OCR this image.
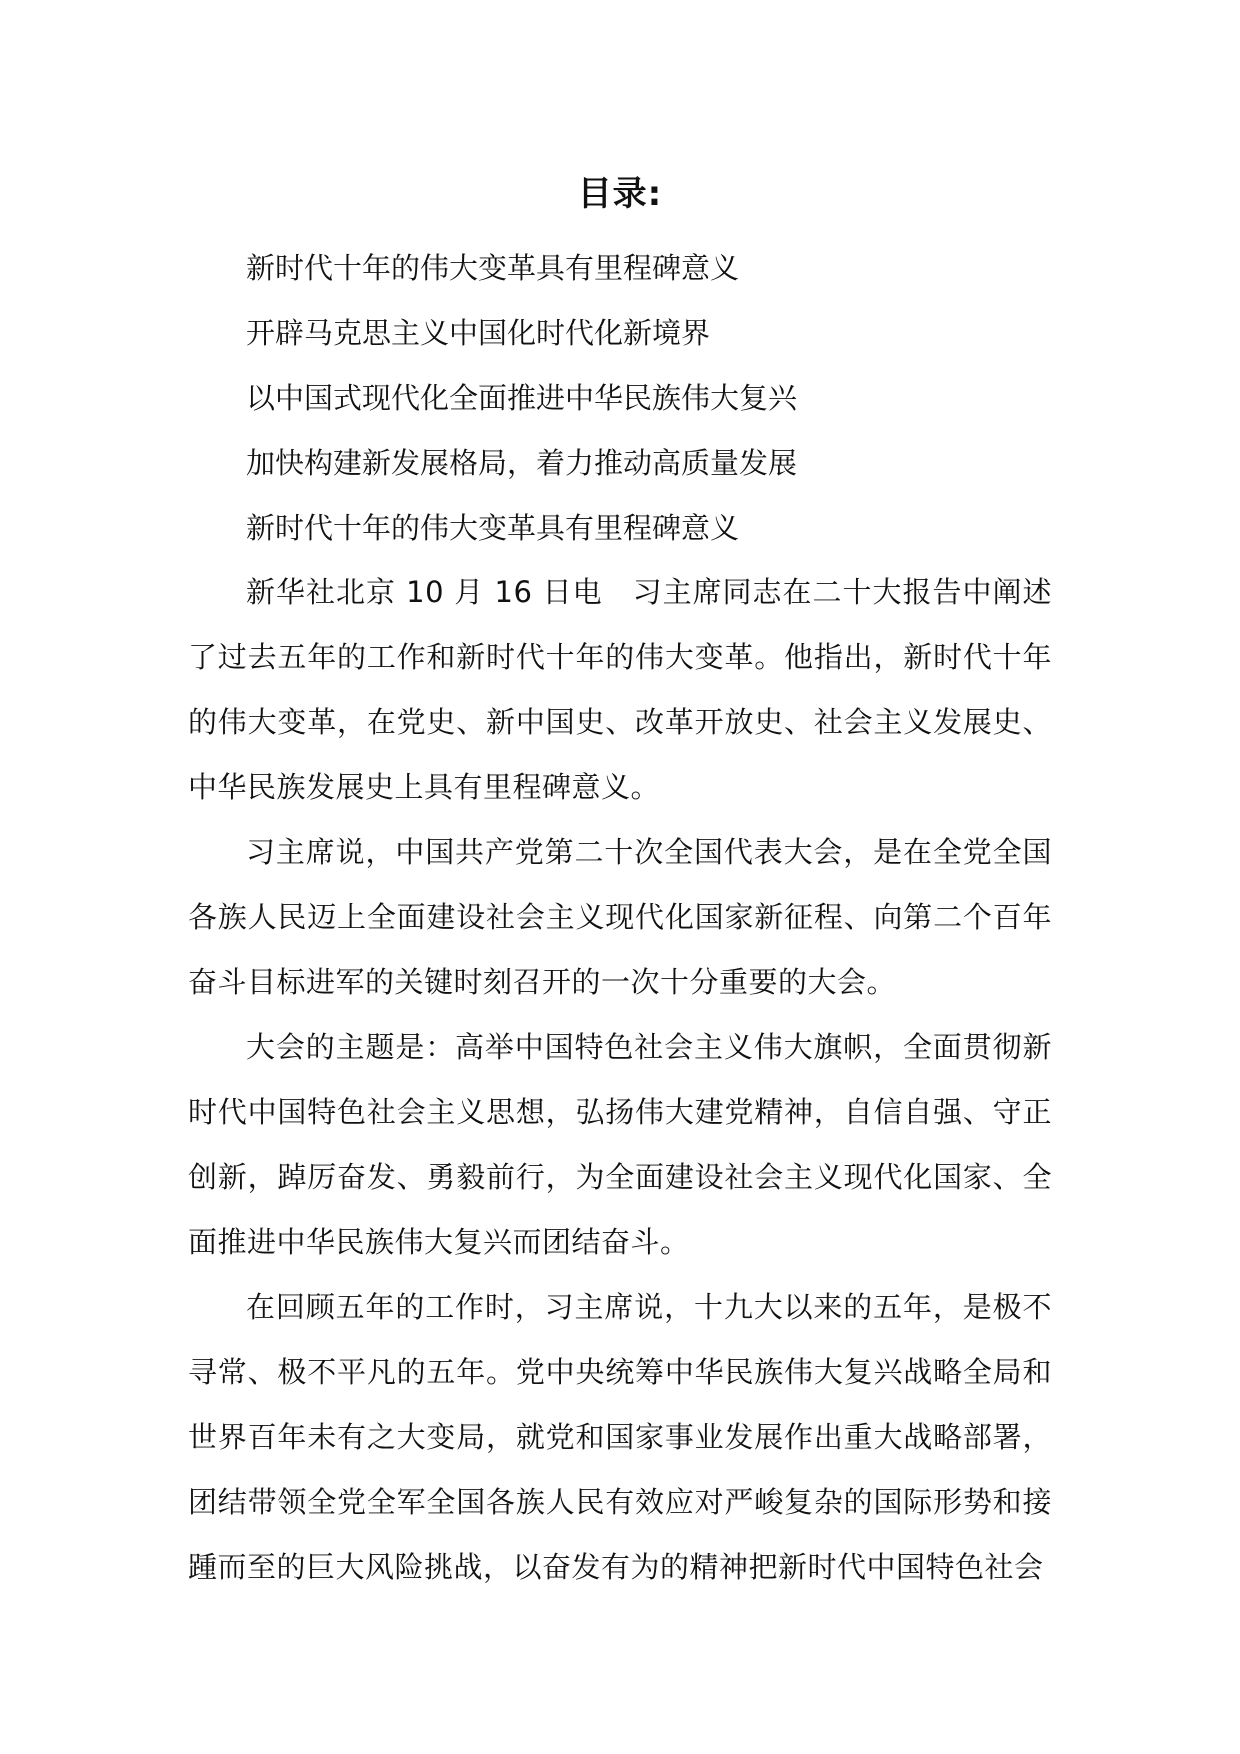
目录:
新时代十年的伟大变革具有里程碑意义
开辟马克思主义中国化时代化新境界
以中国式现代化全面推进中华民族伟大复兴
加快构建新发展格局，着力推动高质量发展
新时代十年的伟大变革具有里程碑意义

新华社北京 10 月 16 日电　习主席同志在二十大报告中阐述了过去五年的工作和新时代十年的伟大变革。他指出，新时代十年的伟大变革，在党史、新中国史、改革开放史、社会主义发展史、中华民族发展史上具有里程碑意义。

习主席说，中国共产党第二十次全国代表大会，是在全党全国各族人民迈上全面建设社会主义现代化国家新征程、向第二个百年奋斗目标进军的关键时刻召开的一次十分重要的大会。

大会的主题是：高举中国特色社会主义伟大旗帜，全面贯彻新时代中国特色社会主义思想，弘扬伟大建党精神，自信自强、守正创新，踔厉奋发、勇毅前行，为全面建设社会主义现代化国家、全面推进中华民族伟大复兴而团结奋斗。

在回顾五年的工作时，习主席说，十九大以来的五年，是极不寻常、极不平凡的五年。党中央统筹中华民族伟大复兴战略全局和世界百年未有之大变局，就党和国家事业发展作出重大战略部署，团结带领全党全军全国各族人民有效应对严峻复杂的国际形势和接踵而至的巨大风险挑战，以奋发有为的精神把新时代中国特色社会
